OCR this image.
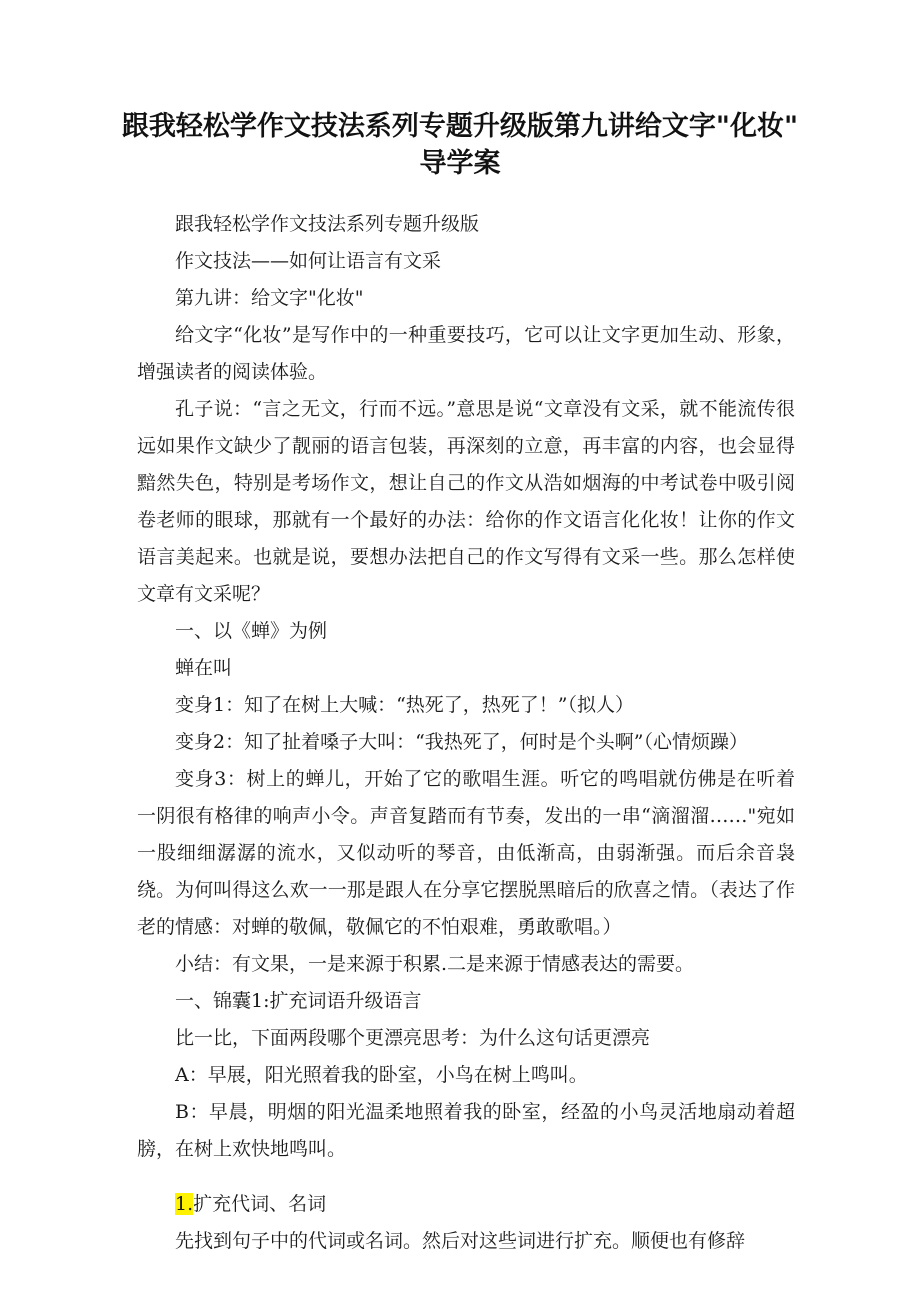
跟我轻松学作文技法系列专题升级版第九讲给文字"化妆"
导学案

跟我轻松学作文技法系列专题升级版

作文技法——如何让语言有文采

第九讲：给文字"化妆"

给文字“化妆”是写作中的一种重要技巧，它可以让文字更加生动、形象，增强读者的阅读体验。

孔子说：“言之无文，行而不远。”意思是说“文章没有文采，就不能流传很远如果作文缺少了靓丽的语言包装，再深刻的立意，再丰富的内容，也会显得黯然失色，特别是考场作文，想让自己的作文从浩如烟海的中考试卷中吸引阅卷老师的眼球，那就有一个最好的办法：给你的作文语言化化妆！让你的作文语言美起来。也就是说，要想办法把自己的作文写得有文采一些。那么怎样使文章有文采呢？

一、以《蝉》为例

蝉在叫

变身1：知了在树上大喊：“热死了，热死了！”（拟人）

变身2：知了扯着嗓子大叫：“我热死了，何时是个头啊”（心情烦躁）

变身3：树上的蝉儿，开始了它的歌唱生涯。听它的鸣唱就仿佛是在听着一阴很有格律的响声小令。声音复踏而有节奏，发出的一串“滴溜溜……"宛如一股细细潺潺的流水，又似动听的琴音，由低渐高，由弱渐强。而后余音袅绕。为何叫得这么欢一一那是跟人在分享它摆脱黑暗后的欣喜之情。（表达了作老的情感：对蝉的敬佩，敬佩它的不怕艰难，勇敢歌唱。）

小结：有文果，一是来源于积累.二是来源于情感表达的需要。

一、锦囊1:扩充词语升级语言

比一比，下面两段哪个更漂亮思考：为什么这句话更漂亮

A：早展，阳光照着我的卧室，小鸟在树上鸣叫。

B：早晨，明烟的阳光温柔地照着我的卧室，经盈的小鸟灵活地扇动着超膀，在树上欢快地鸣叫。

1.扩充代词、名词

先找到句子中的代词或名词。然后对这些词进行扩充。顺便也有修辞
